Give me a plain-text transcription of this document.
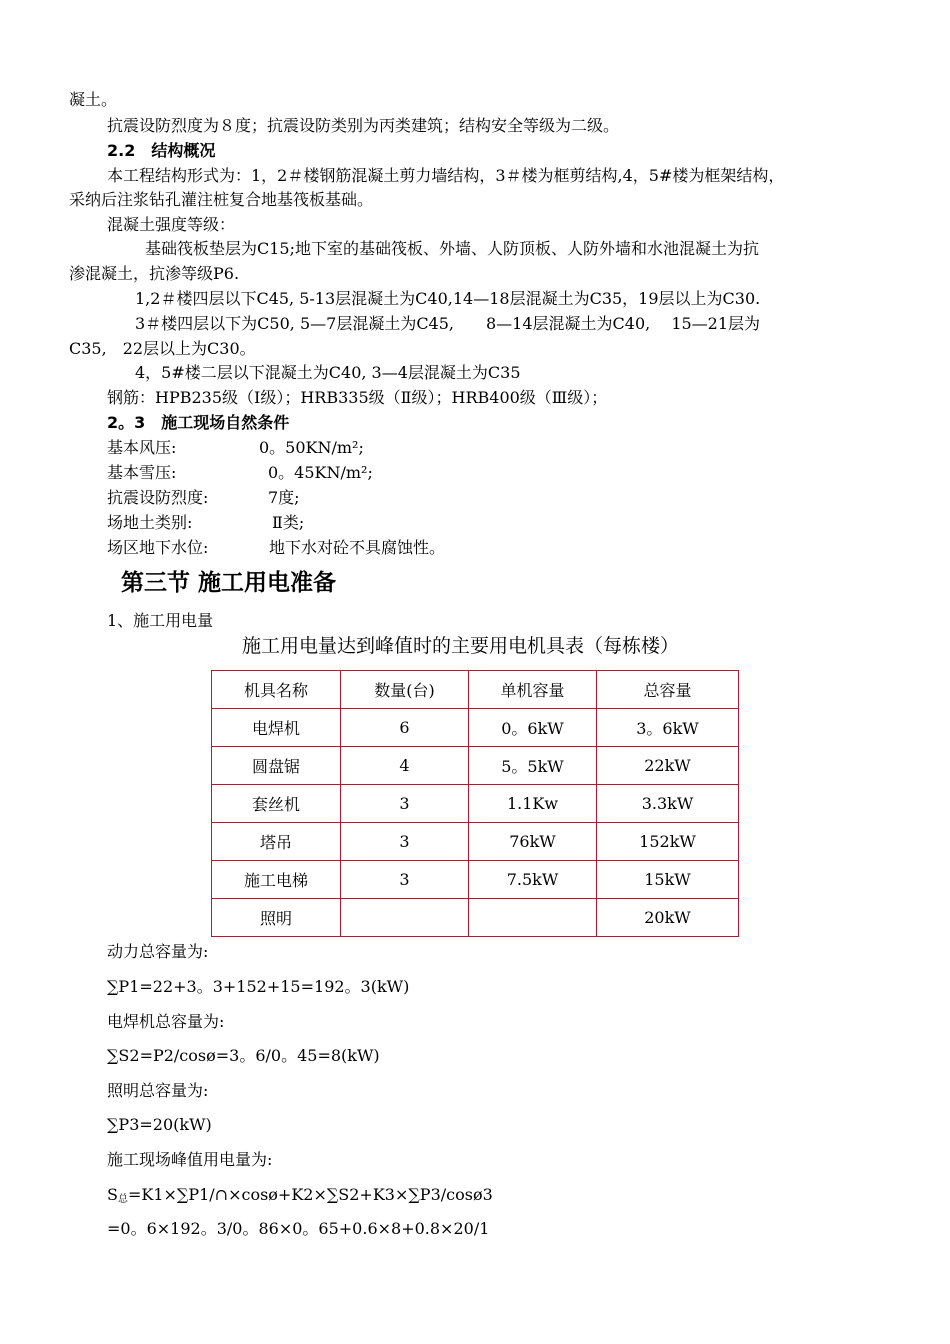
凝土。
抗震设防烈度为８度；抗震设防类别为丙类建筑；结构安全等级为二级。
2.2　结构概况
本工程结构形式为：1，2＃楼钢筋混凝土剪力墙结构，3＃楼为框剪结构,4，5#楼为框架结构，
采纳后注浆钻孔灌注桩复合地基筏板基础。
混凝土强度等级：
基础筏板垫层为C15;地下室的基础筏板、外墙、人防顶板、人防外墙和水池混凝土为抗
渗混凝土，抗渗等级P6.
1,2＃楼四层以下C45, 5-13层混凝土为C40,14—18层混凝土为C35，19层以上为C30.
3＃楼四层以下为C50, 5—7层混凝土为C45,　　8—14层混凝土为C40,　 15—21层为
C35,　22层以上为C30。
4，5#楼二层以下混凝土为C40, 3—4层混凝土为C35
钢筋：HPB235级（Ⅰ级）；HRB335级（Ⅱ级）；HRB400级（Ⅲ级）；
2。3　施工现场自然条件
基本风压:	0。50KN/m²;
基本雪压:	0。45KN/m²;
抗震设防烈度:	7度;
场地土类别:	Ⅱ类;
场区地下水位:	地下水对砼不具腐蚀性。
第三节 施工用电准备
1、施工用电量
施工用电量达到峰值时的主要用电机具表（每栋楼）
机具名称	数量(台)	单机容量	总容量
电焊机	6	0。6kW	3。6kW
圆盘锯	4	5。5kW	22kW
套丝机	3	1.1Kw	3.3kW
塔吊	3	76kW	152kW
施工电梯	3	7.5kW	15kW
照明			20kW
动力总容量为:
∑P1=22+3。3+152+15=192。3(kW)
电焊机总容量为:
∑S2=P2/cosø=3。6/0。45=8(kW)
照明总容量为:
∑P3=20(kW)
施工现场峰值用电量为:
$S_总=K1\times\sum P1/\cap\times\cos ø+K2\times\sum S2+K3\times\sum P3/\cos ø3$
=0。6×192。3/0。86×0。65+0.6×8+0.8×20/1
